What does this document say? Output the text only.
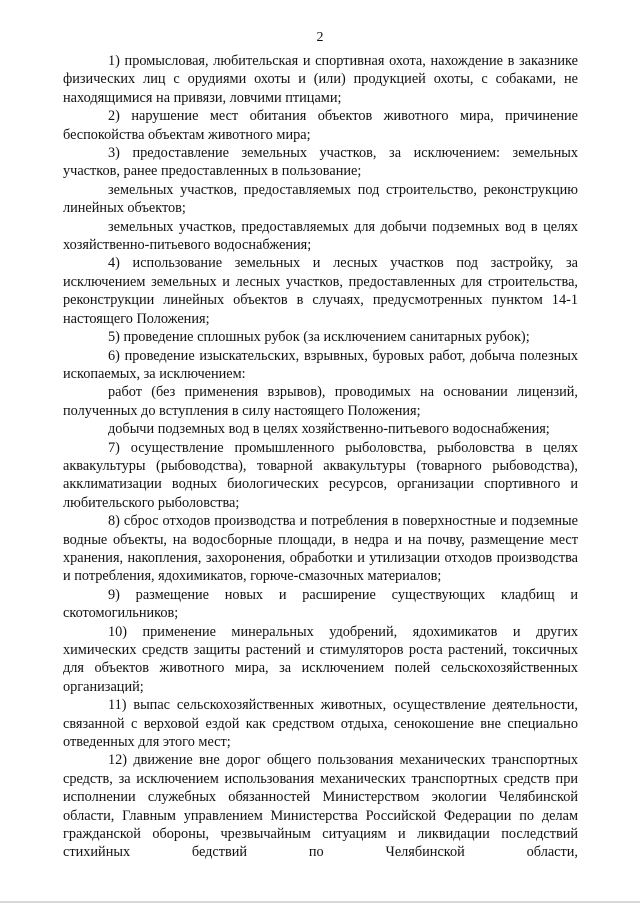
2

1) промысловая, любительская и спортивная охота, нахождение в заказнике физических лиц с орудиями охоты и (или) продукцией охоты, с собаками, не находящимися на привязи, ловчими птицами;

2) нарушение мест обитания объектов животного мира, причинение беспокойства объектам животного мира;

3) предоставление земельных участков, за исключением: земельных участков, ранее предоставленных в пользование;

земельных участков, предоставляемых под строительство, реконструкцию линейных объектов;

земельных участков, предоставляемых для добычи подземных вод в целях хозяйственно-питьевого водоснабжения;

4) использование земельных и лесных участков под застройку, за исключением земельных и лесных участков, предоставленных для строительства, реконструкции линейных объектов в случаях, предусмотренных пунктом 14-1 настоящего Положения;

5) проведение сплошных рубок (за исключением санитарных рубок);

6) проведение изыскательских, взрывных, буровых работ, добыча полезных ископаемых, за исключением:

работ (без применения взрывов), проводимых на основании лицензий, полученных до вступления в силу настоящего Положения;

добычи подземных вод в целях хозяйственно-питьевого водоснабжения;

7) осуществление промышленного рыболовства, рыболовства в целях аквакультуры (рыбоводства), товарной аквакультуры (товарного рыбоводства), акклиматизации водных биологических ресурсов, организации спортивного и любительского рыболовства;

8) сброс отходов производства и потребления в поверхностные и подземные водные объекты, на водосборные площади, в недра и на почву, размещение мест хранения, накопления, захоронения, обработки и утилизации отходов производства и потребления, ядохимикатов, горюче-смазочных материалов;

9) размещение новых и расширение существующих кладбищ и скотомогильников;

10) применение минеральных удобрений, ядохимикатов и других химических средств защиты растений и стимуляторов роста растений, токсичных для объектов животного мира, за исключением полей сельскохозяйственных организаций;

11) выпас сельскохозяйственных животных, осуществление деятельности, связанной с верховой ездой как средством отдыха, сенокошение вне специально отведенных для этого мест;

12) движение вне дорог общего пользования механических транспортных средств, за исключением использования механических транспортных средств при исполнении служебных обязанностей Министерством экологии Челябинской области, Главным управлением Министерства Российской Федерации по делам гражданской обороны, чрезвычайным ситуациям и ликвидации последствий стихийных бедствий по Челябинской области,
